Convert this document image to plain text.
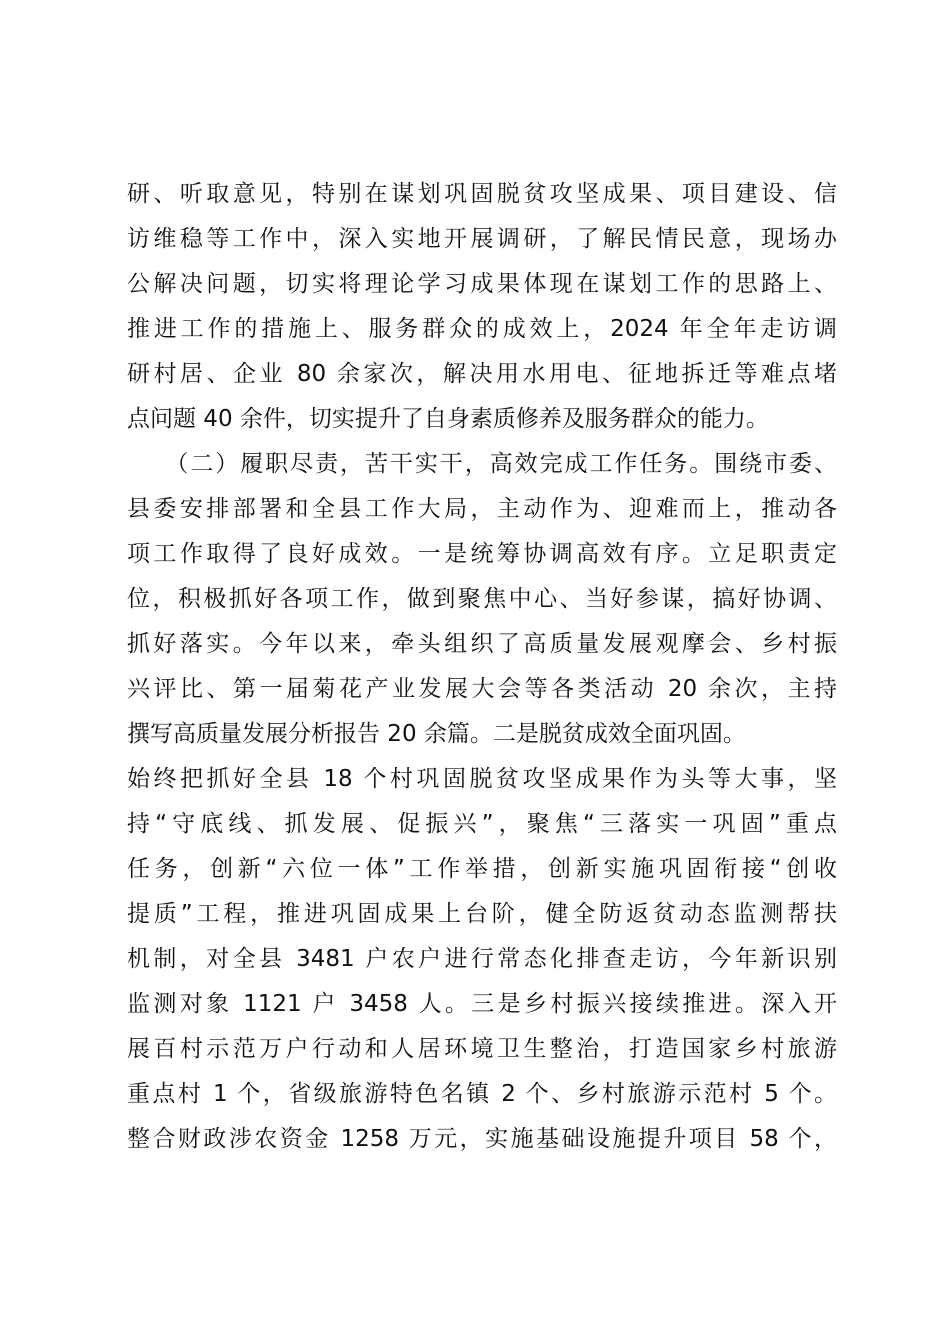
研、听取意见，特别在谋划巩固脱贫攻坚成果、项目建设、信
访维稳等工作中，深入实地开展调研，了解民情民意，现场办
公解决问题，切实将理论学习成果体现在谋划工作的思路上、
推进工作的措施上、服务群众的成效上，2024 年全年走访调
研村居、企业 80 余家次，解决用水用电、征地拆迁等难点堵
点问题 40 余件，切实提升了自身素质修养及服务群众的能力。
　　（二）履职尽责，苦干实干，高效完成工作任务。围绕市委、
县委安排部署和全县工作大局，主动作为、迎难而上，推动各
项工作取得了良好成效。一是统筹协调高效有序。立足职责定
位，积极抓好各项工作，做到聚焦中心、当好参谋，搞好协调、
抓好落实。今年以来，牵头组织了高质量发展观摩会、乡村振
兴评比、第一届菊花产业发展大会等各类活动 20 余次，主持
撰写高质量发展分析报告 20 余篇。二是脱贫成效全面巩固。
始终把抓好全县 18 个村巩固脱贫攻坚成果作为头等大事，坚
持“守底线、抓发展、促振兴”，聚焦“三落实一巩固”重点
任务，创新“六位一体”工作举措，创新实施巩固衔接“创收
提质”工程，推进巩固成果上台阶，健全防返贫动态监测帮扶
机制，对全县 3481 户农户进行常态化排查走访，今年新识别
监测对象 1121 户 3458 人。三是乡村振兴接续推进。深入开
展百村示范万户行动和人居环境卫生整治，打造国家乡村旅游
重点村 1 个，省级旅游特色名镇 2 个、乡村旅游示范村 5 个。
整合财政涉农资金 1258 万元，实施基础设施提升项目 58 个，
